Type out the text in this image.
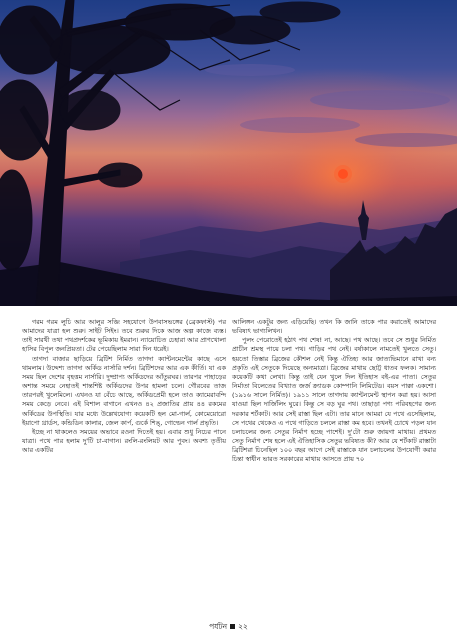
গরম গরম লুচি আর আলুর সব্জি সহযোগে উপবাসভঙ্গের (ব্রেকফাস্ট) পর আমাদের যাত্রা হল শুরু। সাইট সিইং। তবে শুরুর দিকে আজ অল্প কাজে ব্যস্ত। তাই সারথী তথা পথপ্রদর্শকের ভূমিকায় ইমরান। ন্যায়োচিত চেহারা আর প্রাণখোলা হাসির বিপুল জনপ্রিয়তা। টের পেয়েছিলাম সারা দিন ধরেই।

তাগদা বাজার ছাড়িয়ে ব্রিটিশ নির্মিত তাগদা ক্যান্টনমেন্টের কাছে এসে থামলাম। উদ্দেশ্য তাগদা অর্কিড নার্সারি দর্শন। ব্রিটিশদের আর এক কীর্তি। যা এক সময় ছিল দেশের বৃহত্তম নার্সারি। দুষ্প্রাপ্য অর্কিডদের আঁতুরঘর। তারপর পাহাড়ের অশান্ত সময়ে নেহাতই শান্তশিষ্ট অর্কিডদের উপর হামলা চলে। গৌরবের তাজ তারপরই খুলেমিলে। এখনও যা বেঁচে আছে, অর্কিডপ্রেমী হলে তাও ক্যামেরাবন্দি সময় কেড়ে নেবে। এই বিশাল বাগানে এখনও ৪২ প্রজাতির প্রায় ৪৪ রকমের অর্কিডের উপস্থিতি। যার মধ্যে উল্লেখযোগ্য কয়েকটি হল মো-গার্ল, কোমেয়োরো ইয়াপো থ্রার্ডস, কন্ডিডিন কালার, জেল কার্প, গুর্কে শিঙ্, গোল্ডেন গার্ল প্রভৃতি।

ইচ্ছে না থাকলেও সময়ের অভাবে রওনা দিতেই হয়। এবার শুধু নিচের পানে যাত্রা। পথে পার হলাম দু'টি চা-বাগান। রংলি-রংলিয়ট আর পুবং। অবশ্য তৃতীয় আর একটির

আলিঙ্গন একটুর জন্য এড়িয়েছি। তখন কি জানি তাকে পার করাতেই আমাদের ভবিষ্যৎ ভাগ্যলিখন।

পুলং পেরোতেই হঠাৎ পথ শেষ! না, আছে। পথ আছে। তবে সে শুধুর নির্মিত প্রাচীন শ্রমস্থ পায়ে চলা পথ। গাড়ির পথ নেই। বর্ষাকালে নামতেই খুলতে সেতু। হয়তো তিস্তার ব্রিজের কৌশল নেই কিন্তু ঐতিহ্য আর জাত্যভিমানে রাখা বন্য প্রকৃতি এই সেতুকে দিয়েছে অন্যমাত্রা। ব্রিজের মাথায় ছোট্ট ধাতব ফলক। সামান্য কয়েকটি কথা লেখা। কিন্তু তাই যেন খুলে দিল ইতিহাস বই-এর পাতা। সেতুর নির্মাতা বিলেতের বিখ্যাত জর্জ ক্র্যাডক কোম্পানি লিমিটেড। বয়স পাক্কা একশো। (১৯১৬ সালে নির্মিত)। ১৯১১ সালে তাগদায় ক্যান্টনমেন্ট স্থাপন করা হয়। আসা যাওয়া ছিল দার্জিলিং ঘুরে। কিন্তু সে বড় ঘুর পথ। তাছাড়া পণ্য পরিবহণের জন্য দরকার শর্টকাট। আর সেই রাস্তা ছিল এটা। তার মানে আমরা যে পথে এসেছিলাম, সে পথের থেকেও এ পথে গাড়িতে চললে রাস্তা কম হবে। তখনই চোখে পড়ল যান চলাচলের জন্য সেতুর নির্মাণ হচ্ছে পাশেই। দু'টো শুরু জায়গা মাথায়। প্রথমত সেতু নির্মাণ শেষ হলে এই ঐতিহাসিক সেতুর ভবিষ্যত কী? আর যে শর্টকাট রাস্তাটা ব্রিটিশরা চিনেছিল ১০০ বছর আগে সেই রাস্তাকে যান চলাচলের উপযোগী করার চিন্তা স্বাধীন ভারত সরকারের মাথায় আসতে প্রায় ৭০

পর্যটন ২২
